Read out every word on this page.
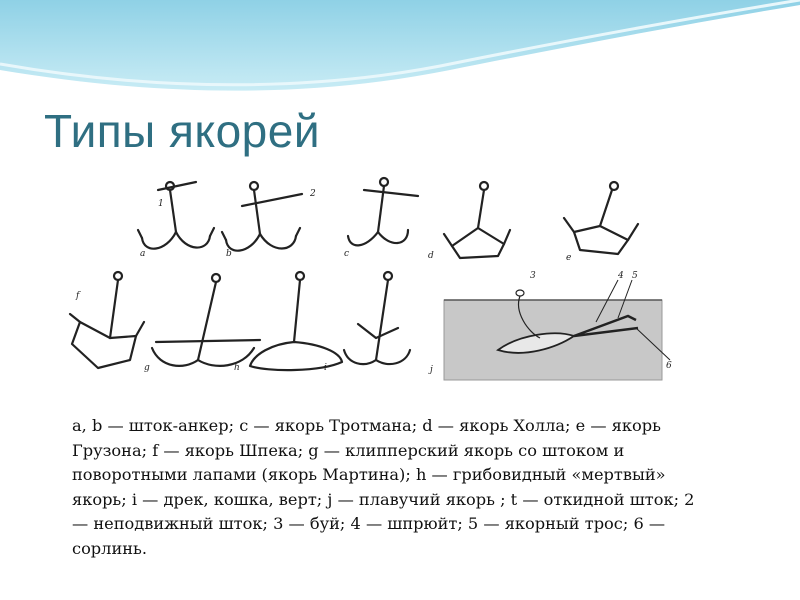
Типы якорей
1
2
a	b	c	d	e
f
g	h	i	j
3	4 5
6

a, b — шток-анкер; c — якорь Тротмана; d — якорь Холла; e — якорь Грузона; f — якорь Шпека; g — клипперский якорь со штоком и поворотными лапами (якорь Мартина); h — грибовидный «мертвый» якорь; i — дрек, кошка, верт; j — плавучий якорь ; t — откидной шток; 2 — неподвижный шток; 3 — буй; 4 — шпрюйт; 5 — якорный трос; 6 — сорлинь.
